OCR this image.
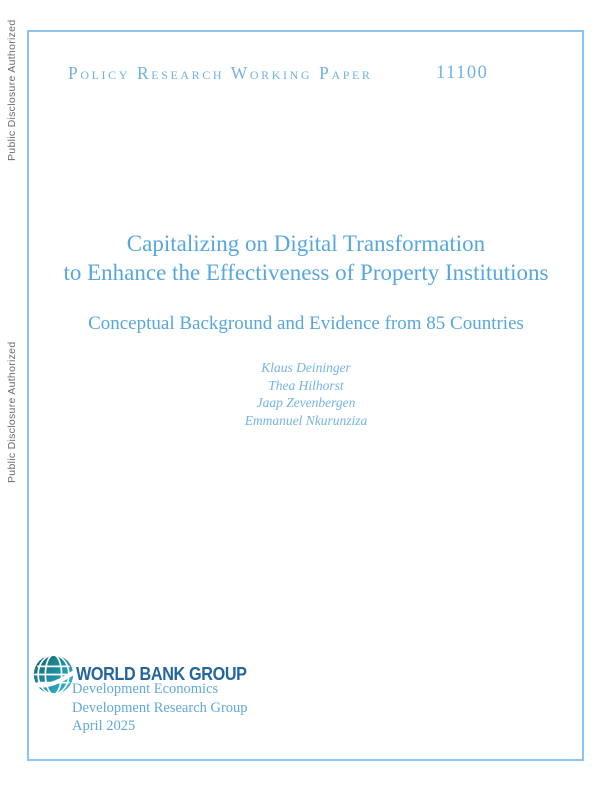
Public Disclosure Authorized
Public Disclosure Authorized
Policy Research Working Paper	11100
Capitalizing on Digital Transformation
to Enhance the Effectiveness of Property Institutions
Conceptual Background and Evidence from 85 Countries
Klaus Deininger
Thea Hilhorst
Jaap Zevenbergen
Emmanuel Nkurunziza
WORLD BANK GROUP
Development Economics
Development Research Group
April 2025
